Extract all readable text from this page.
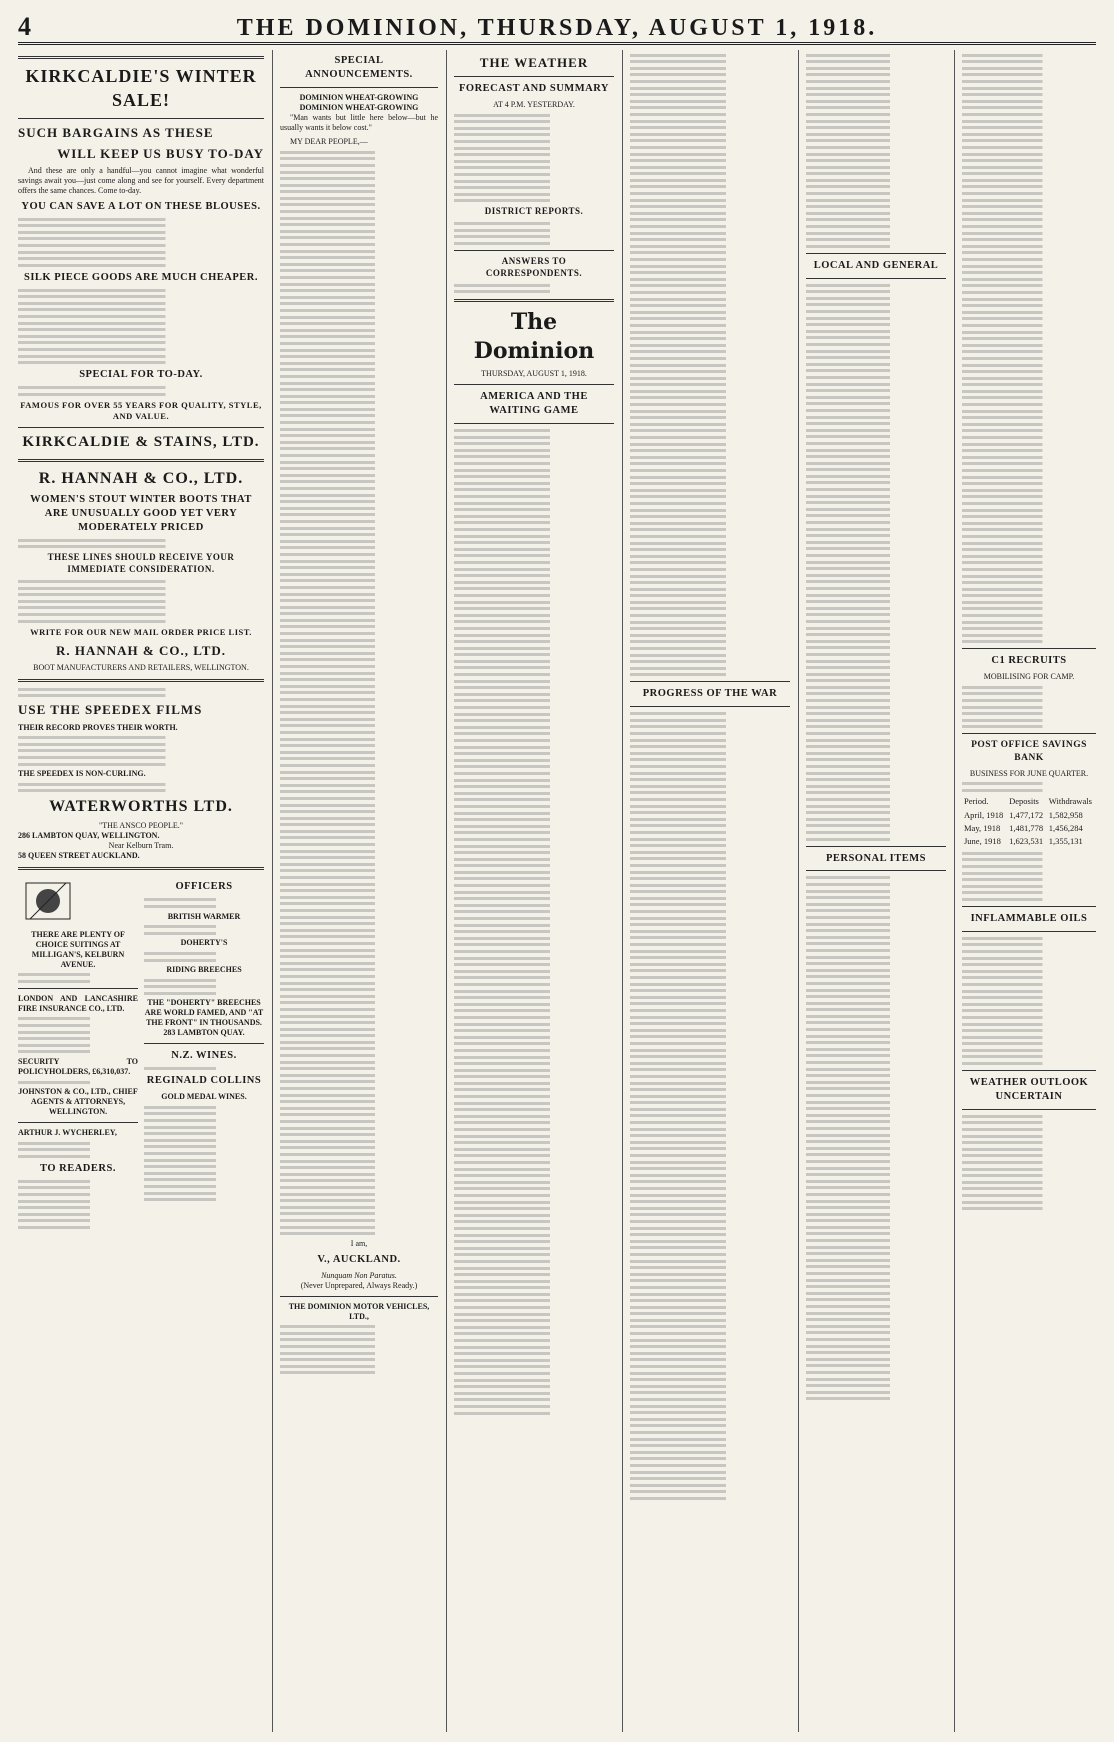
4	THE DOMINION, THURSDAY, AUGUST 1, 1918.
KIRKCALDIE'S WINTER SALE!
SUCH BARGAINS AS THESE
WILL KEEP US BUSY TO-DAY

And these are only a handful—you cannot imagine what wonderful savings await you—just come along and see for yourself. Every department offers the same chances. Come to-day.

YOU CAN SAVE A LOT ON THESE BLOUSES.
SILK PIECE GOODS ARE MUCH CHEAPER.
SPECIAL FOR TO-DAY.
FAMOUS FOR OVER 55 YEARS FOR QUALITY, STYLE, AND VALUE.
KIRKCALDIE & STAINS, LTD.
R. HANNAH & CO., LTD.
WOMEN'S STOUT WINTER BOOTS THAT ARE UNUSUALLY GOOD YET VERY MODERATELY PRICED
THESE LINES SHOULD RECEIVE YOUR IMMEDIATE CONSIDERATION.
WRITE FOR OUR NEW MAIL ORDER PRICE LIST.
R. HANNAH & CO., LTD.
BOOT MANUFACTURERS AND RETAILERS, WELLINGTON.
USE THE SPEEDEX FILMS
THEIR RECORD PROVES THEIR WORTH.
THE SPEEDEX IS NON-CURLING.
WATERWORTHS LTD.
"THE ANSCO PEOPLE."
286 LAMBTON QUAY, WELLINGTON.
Near Kelburn Tram.
58 QUEEN STREET AUCKLAND.
THERE ARE PLENTY OF CHOICE SUITINGS AT MILLIGAN'S, KELBURN AVENUE.
LONDON AND LANCASHIRE FIRE INSURANCE CO., LTD.
SECURITY TO POLICYHOLDERS, £6,310,037.
JOHNSTON & CO., LTD., CHIEF AGENTS & ATTORNEYS, WELLINGTON.
ARTHUR J. WYCHERLEY,
TO READERS.
OFFICERS
BRITISH WARMER
DOHERTY'S
RIDING BREECHES
THE "DOHERTY" BREECHES ARE WORLD FAMED, AND "AT THE FRONT" IN THOUSANDS.
283 LAMBTON QUAY.
N.Z. WINES.
REGINALD COLLINS
GOLD MEDAL WINES.
SPECIAL ANNOUNCEMENTS.
DOMINION WHEAT-GROWING
DOMINION WHEAT-GROWING

"Man wants but little here below—but he usually wants it below cost."

MY DEAR PEOPLE,—

I am,
V., AUCKLAND.
Nunquam Non Paratus.
(Never Unprepared, Always Ready.)
THE DOMINION MOTOR VEHICLES, LTD.,
THE WEATHER
FORECAST AND SUMMARY
AT 4 P.M. YESTERDAY.
DISTRICT REPORTS.
ANSWERS TO CORRESPONDENTS.
The Dominion
THURSDAY, AUGUST 1, 1918.
AMERICA AND THE WAITING GAME
PROGRESS OF THE WAR
LOCAL AND GENERAL
PERSONAL ITEMS
C1 RECRUITS
MOBILISING FOR CAMP.
POST OFFICE SAVINGS BANK
BUSINESS FOR JUNE QUARTER.
Period.	Deposits	Withdrawals
April, 1918	1,477,172	1,582,958
May, 1918	1,481,778	1,456,284
June, 1918	1,623,531	1,355,131
INFLAMMABLE OILS
WEATHER OUTLOOK UNCERTAIN
